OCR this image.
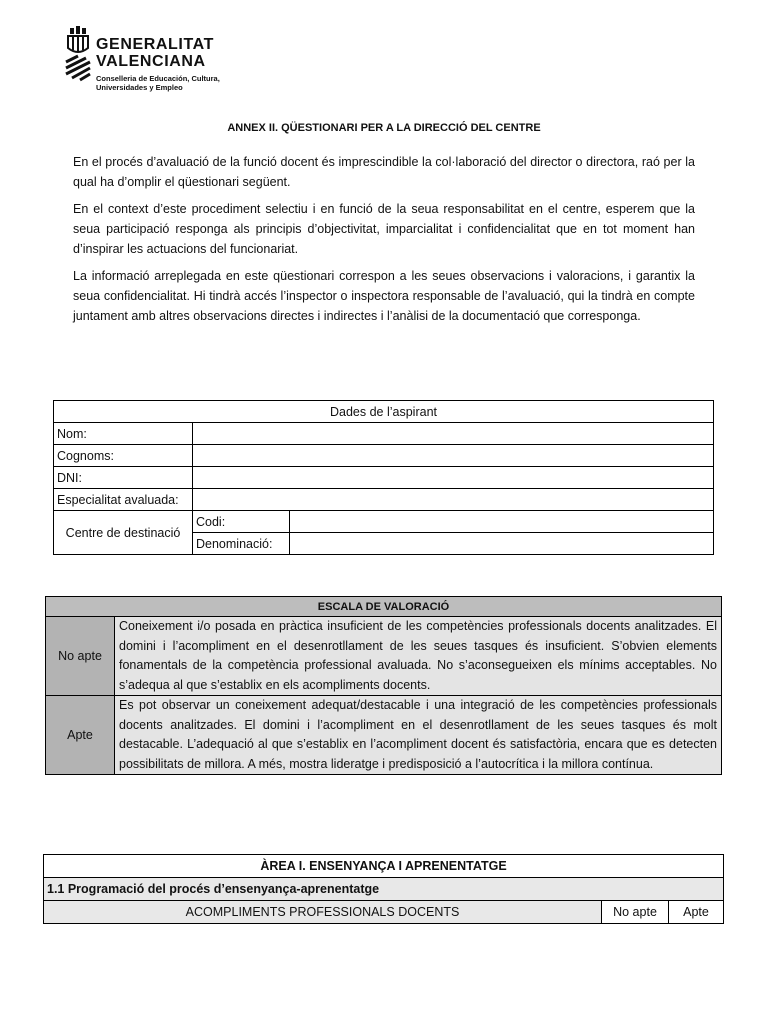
GENERALITAT
VALENCIANA
Conselleria de Educación, Cultura,
Universidades y Empleo
ANNEX II. QÜESTIONARI PER A LA DIRECCIÓ DEL CENTRE
En el procés d’avaluació de la funció docent és imprescindible la col·laboració del director o directora, raó per la qual ha d’omplir el qüestionari següent.
En el context d’este procediment selectiu i en funció de la seua responsabilitat en el centre, esperem que la seua participació responga als principis d’objectivitat, imparcialitat i confidencialitat que en tot moment han d’inspirar les actuacions del funcionariat.
La informació arreplegada en este qüestionari correspon a les seues observacions i valoracions, i garantix la seua confidencialitat. Hi tindrà accés l’inspector o inspectora responsable de l’avaluació, qui la tindrà en compte juntament amb altres observacions directes i indirectes i l’anàlisi de la documentació que corresponga.
Dades de l’aspirant		
Nom:		
Cognoms:		
DNI:		
Especialitat avaluada:		
Centre de destinació	Codi:	
	Denominació:	
ESCALA DE VALORACIÓ	
No apte	Coneixement i/o posada en pràctica insuficient de les competències professionals docents analitzades. El domini i l’acompliment en el desenrotllament de les seues tasques és insuficient. S’obvien elements fonamentals de la competència professional avaluada. No s’aconsegueixen els mínims acceptables. No s’adequa al que s’establix en els acompliments docents.
Apte	Es pot observar un coneixement adequat/destacable i una integració de les competències professionals docents analitzades. El domini i l’acompliment en el desenrotllament de les seues tasques és molt destacable. L’adequació al que s’establix en l’acompliment docent és satisfactòria, encara que es detecten possibilitats de millora. A més, mostra lideratge i predisposició a l’autocrítica i la millora contínua.
ÀREA I. ENSENYANÇA I APRENENTATGE
1.1 Programació del procés d’ensenyança-aprenentatge
ACOMPLIMENTS PROFESSIONALS DOCENTS	No apte	Apte
